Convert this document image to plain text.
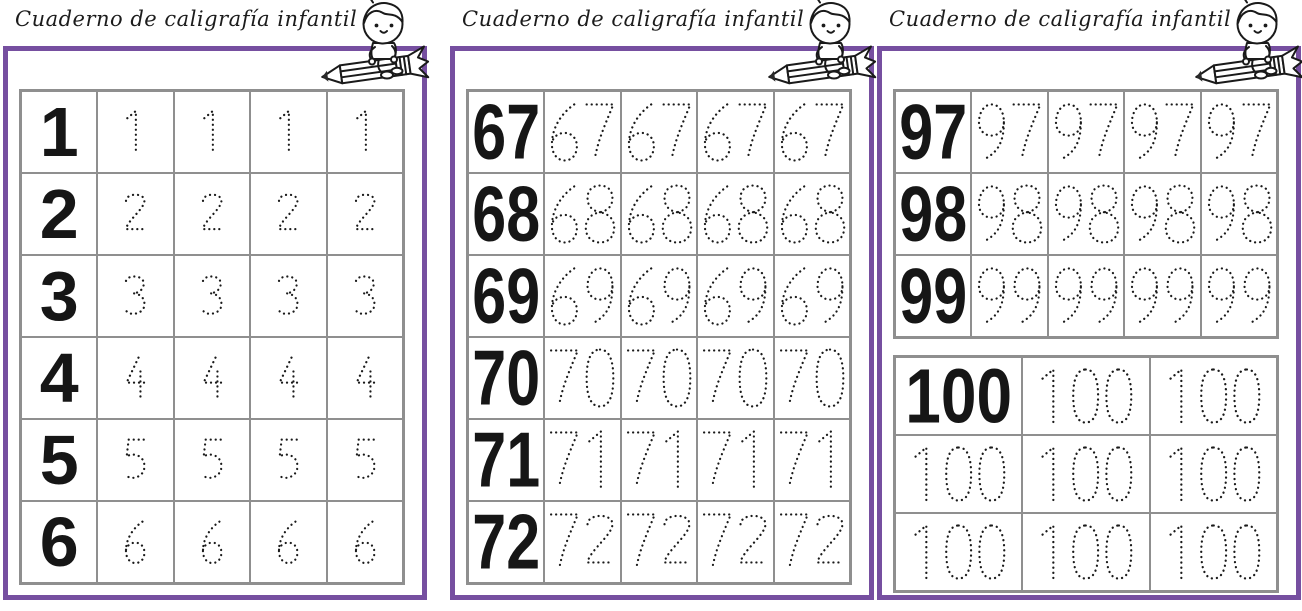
Cuaderno de caligrafía infantil
1
2
3
4
5
6
Cuaderno de caligrafía infantil
67
68
69
70
71
72
Cuaderno de caligrafía infantil
97
98
99
100
